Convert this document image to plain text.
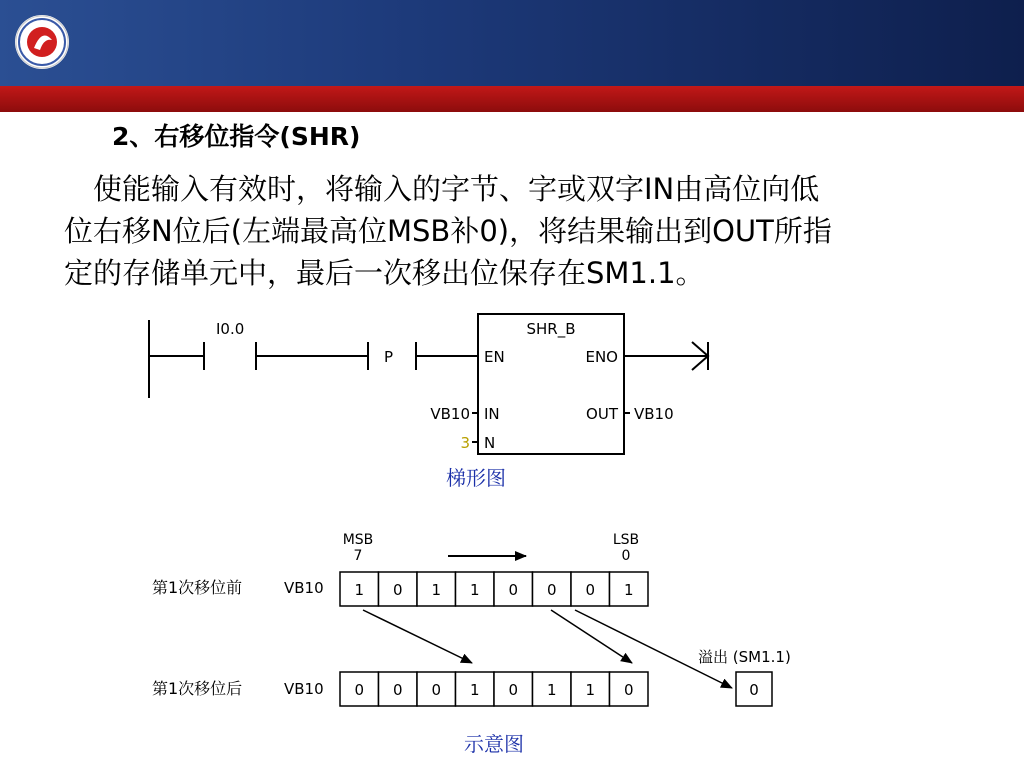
2、右移位指令(SHR)
　使能输入有效时，将输入的字节、字或双字IN由高位向低
位右移N位后(左端最高位MSB补0)，将结果输出到OUT所指
定的存储单元中，最后一次移出位保存在SM1.1。
I0.0
P
SHR_B
EN	ENO
IN	OUT
N
VB10	VB10
3
梯形图
MSB
7
LSB
0
第1次移位前	VB10 1 0 1 1 0 0 0 1
第1次移位后	VB10 0 0 0 1 0 1 1 0
溢出 (SM1.1)
0
示意图
